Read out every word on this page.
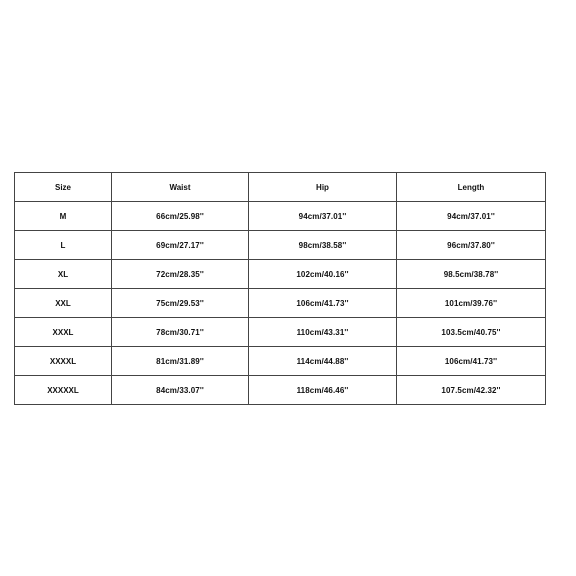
Size	Waist	Hip	Length
M	66cm/25.98''	94cm/37.01''	94cm/37.01''
L	69cm/27.17''	98cm/38.58''	96cm/37.80''
XL	72cm/28.35''	102cm/40.16''	98.5cm/38.78''
XXL	75cm/29.53''	106cm/41.73''	101cm/39.76''
XXXL	78cm/30.71''	110cm/43.31''	103.5cm/40.75''
XXXXL	81cm/31.89''	114cm/44.88''	106cm/41.73''
XXXXXL	84cm/33.07''	118cm/46.46''	107.5cm/42.32''
